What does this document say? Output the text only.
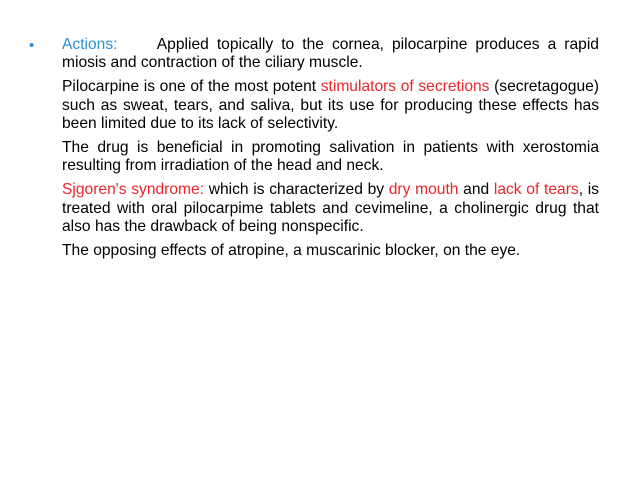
• Actions:	Applied topically to the cornea, pilocarpine produces a rapid miosis and contraction of the ciliary muscle.

Pilocarpine is one of the most potent stimulators of secretions (secretagogue) such as sweat, tears, and saliva, but its use for producing these effects has been limited due to its lack of selectivity.

The drug is beneficial in promoting salivation in patients with xerostomia resulting from irradiation of the head and neck.

Sjgoren's syndrome: which is characterized by dry mouth and lack of tears, is treated with oral pilocarpime tablets and cevimeline, a cholinergic drug that also has the drawback of being nonspecific.

The opposing effects of atropine, a muscarinic blocker, on the eye.
